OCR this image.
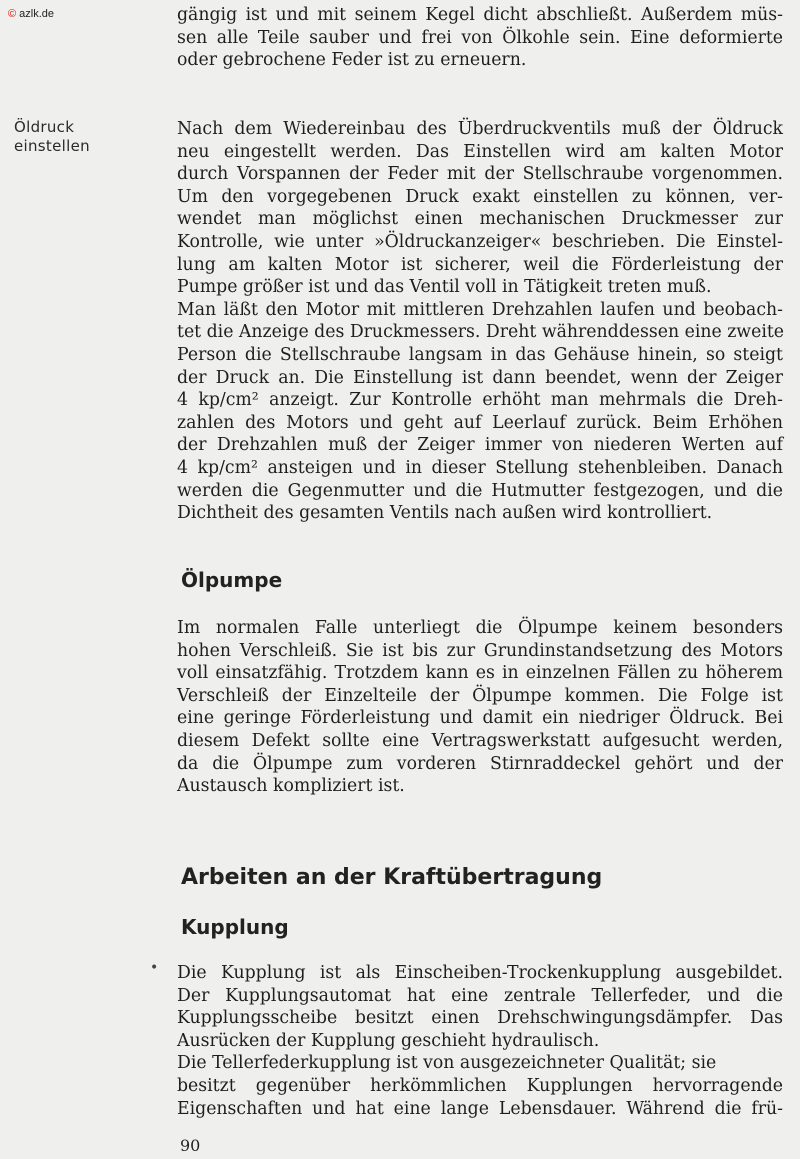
© azlk.de
Öldruck
einstellen
gängig ist und mit seinem Kegel dicht abschließt. Außerdem müs-
sen alle Teile sauber und frei von Ölkohle sein. Eine deformierte
oder gebrochene Feder ist zu erneuern.
Nach dem Wiedereinbau des Überdruckventils muß der Öldruck
neu eingestellt werden. Das Einstellen wird am kalten Motor
durch Vorspannen der Feder mit der Stellschraube vorgenommen.
Um den vorgegebenen Druck exakt einstellen zu können, ver-
wendet man möglichst einen mechanischen Druckmesser zur
Kontrolle, wie unter »Öldruckanzeiger« beschrieben. Die Einstel-
lung am kalten Motor ist sicherer, weil die Förderleistung der
Pumpe größer ist und das Ventil voll in Tätigkeit treten muß.
Man läßt den Motor mit mittleren Drehzahlen laufen und beobach-
tet die Anzeige des Druckmessers. Dreht währenddessen eine zweite
Person die Stellschraube langsam in das Gehäuse hinein, so steigt
der Druck an. Die Einstellung ist dann beendet, wenn der Zeiger
4 kp/cm² anzeigt. Zur Kontrolle erhöht man mehrmals die Dreh-
zahlen des Motors und geht auf Leerlauf zurück. Beim Erhöhen
der Drehzahlen muß der Zeiger immer von niederen Werten auf
4 kp/cm² ansteigen und in dieser Stellung stehenbleiben. Danach
werden die Gegenmutter und die Hutmutter festgezogen, und die
Dichtheit des gesamten Ventils nach außen wird kontrolliert.
Ölpumpe
Im normalen Falle unterliegt die Ölpumpe keinem besonders
hohen Verschleiß. Sie ist bis zur Grundinstandsetzung des Motors
voll einsatzfähig. Trotzdem kann es in einzelnen Fällen zu höherem
Verschleiß der Einzelteile der Ölpumpe kommen. Die Folge ist
eine geringe Förderleistung und damit ein niedriger Öldruck. Bei
diesem Defekt sollte eine Vertragswerkstatt aufgesucht werden,
da die Ölpumpe zum vorderen Stirnraddeckel gehört und der
Austausch kompliziert ist.
Arbeiten an der Kraftübertragung
Kupplung
• Die Kupplung ist als Einscheiben-Trockenkupplung ausgebildet.
Der Kupplungsautomat hat eine zentrale Tellerfeder, und die
Kupplungsscheibe besitzt einen Drehschwingungsdämpfer. Das
Ausrücken der Kupplung geschieht hydraulisch.
Die Tellerfederkupplung ist von ausgezeichneter Qualität; sie
besitzt gegenüber herkömmlichen Kupplungen hervorragende
Eigenschaften und hat eine lange Lebensdauer. Während die frü-
90
